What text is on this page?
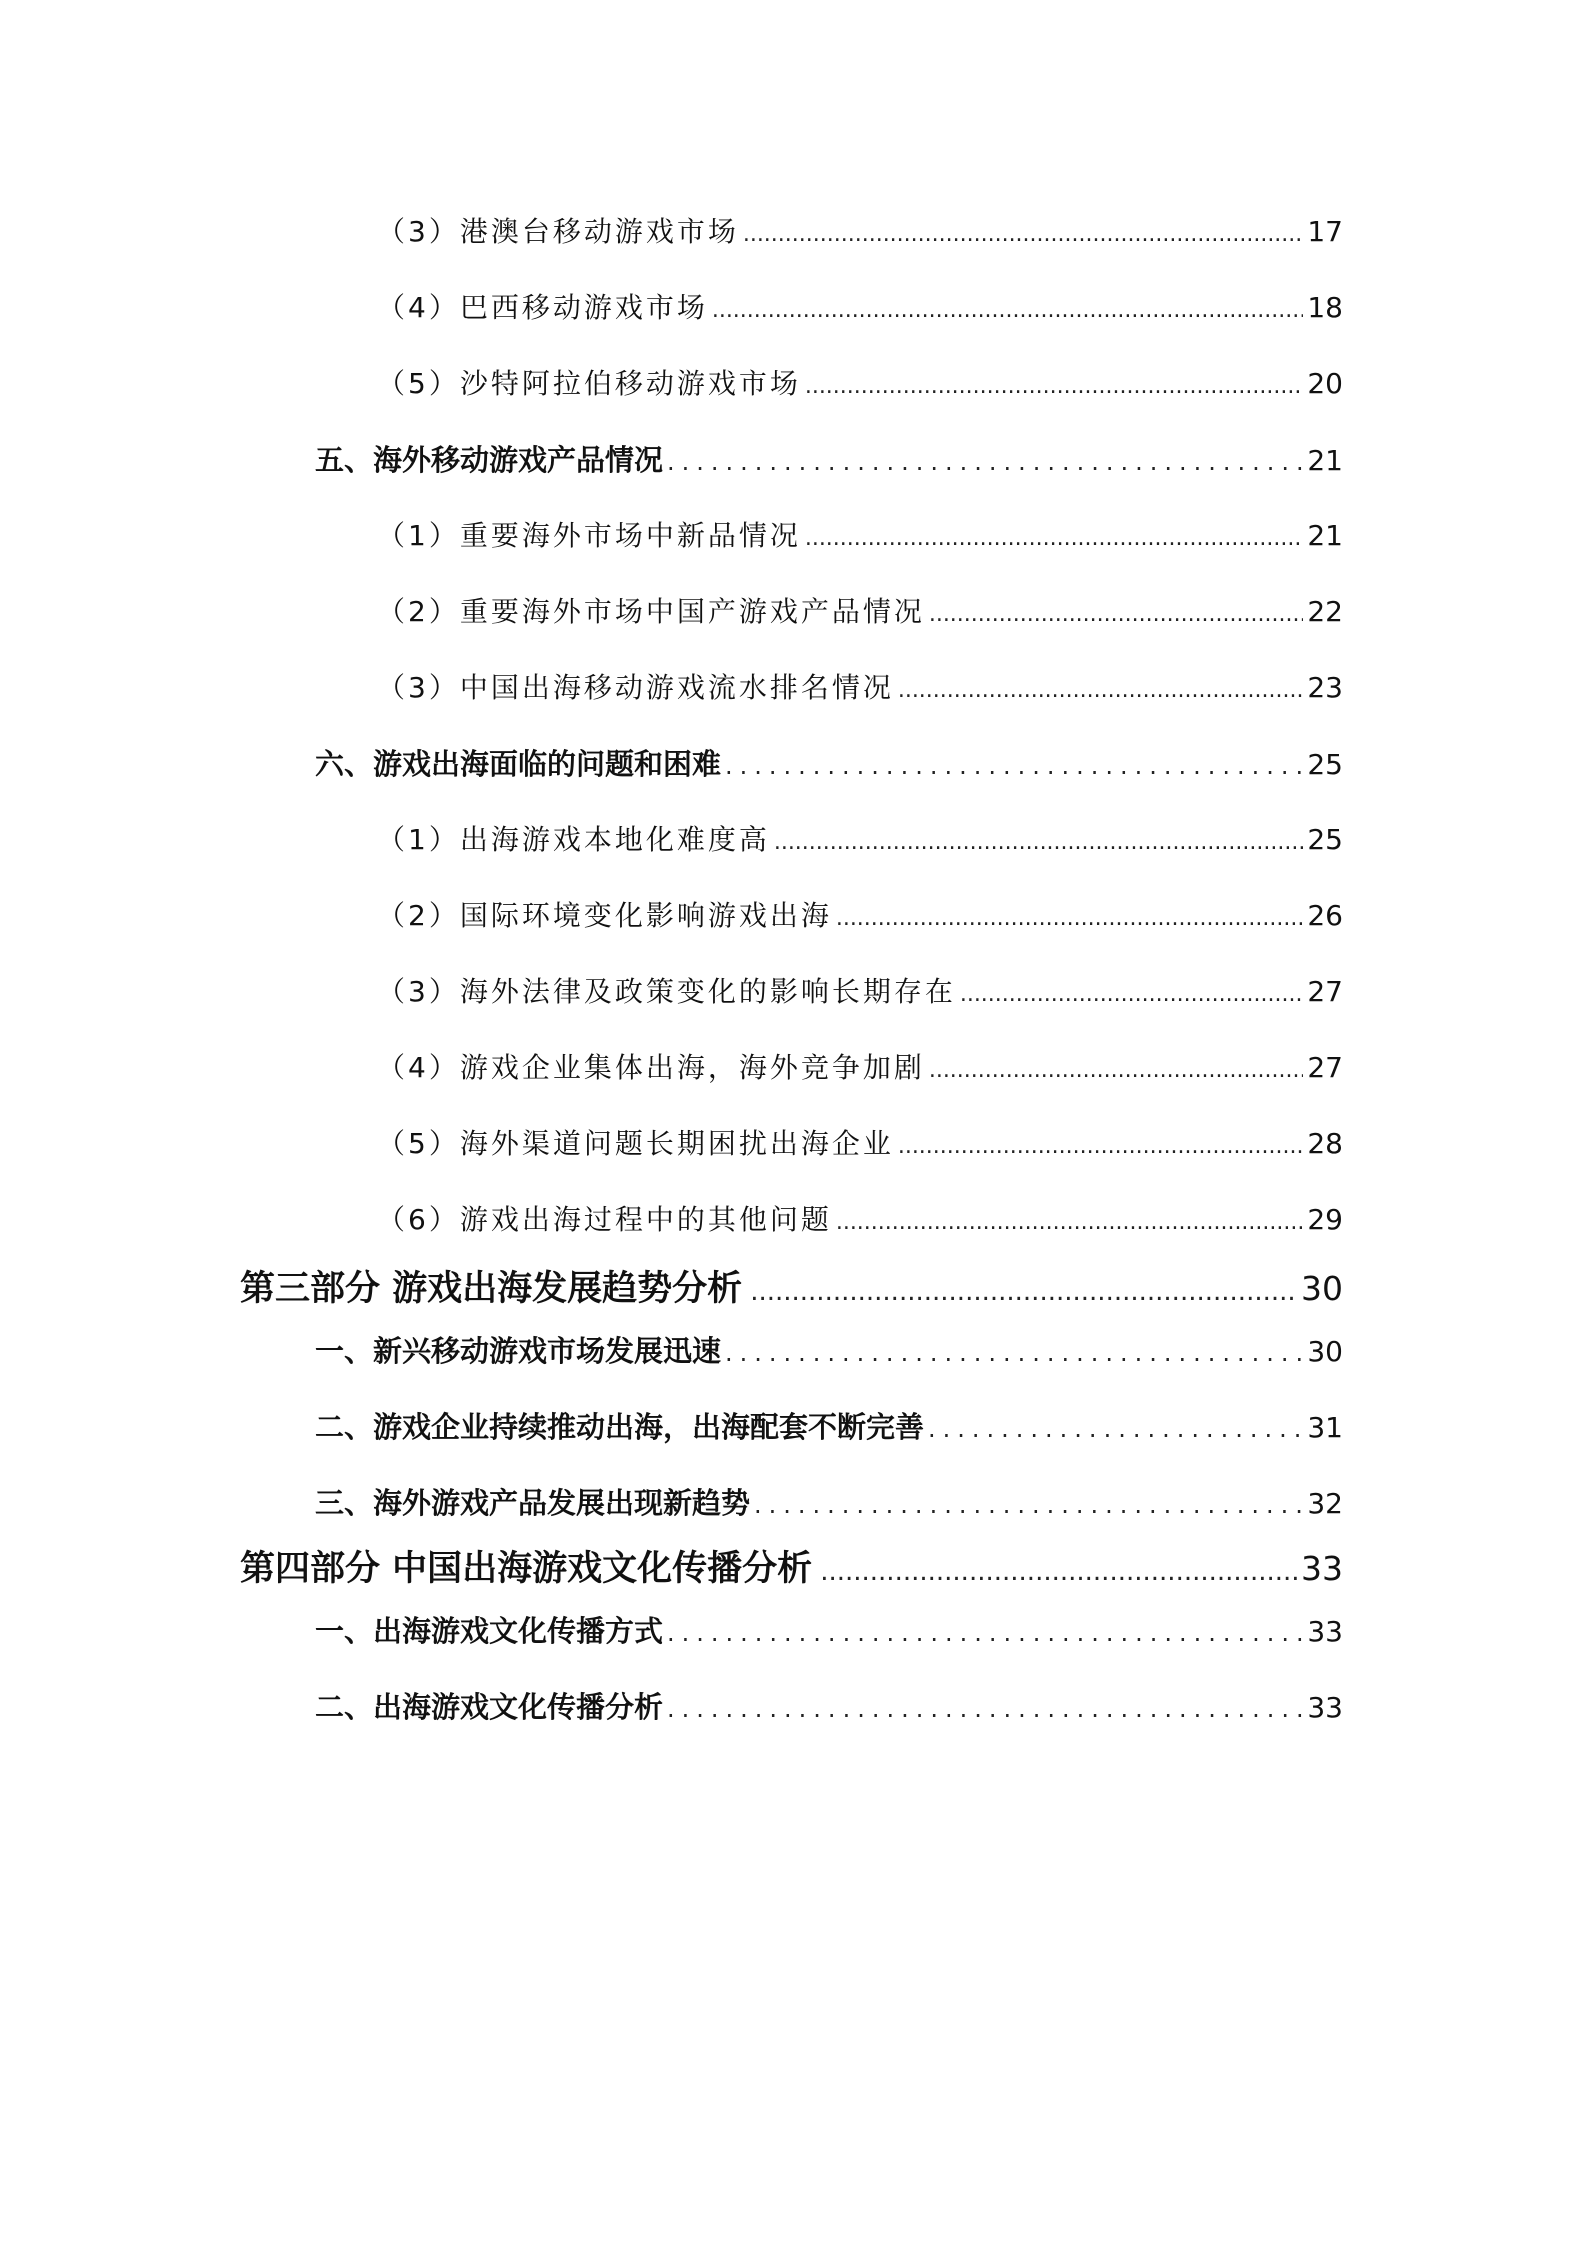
（3）港澳台移动游戏市场 .....	17
（4）巴西移动游戏市场 .....	18
（5）沙特阿拉伯移动游戏市场 .....	20
五、海外移动游戏产品情况 .....	21
（1）重要海外市场中新品情况 .....	21
（2）重要海外市场中国产游戏产品情况 .....	22
（3）中国出海移动游戏流水排名情况 .....	23
六、游戏出海面临的问题和困难 .....	25
（1）出海游戏本地化难度高 .....	25
（2）国际环境变化影响游戏出海 .....	26
（3）海外法律及政策变化的影响长期存在 .....	27
（4）游戏企业集体出海，海外竞争加剧 .....	27
（5）海外渠道问题长期困扰出海企业 .....	28
（6）游戏出海过程中的其他问题 .....	29
第三部分 游戏出海发展趋势分析 .....	30
一、新兴移动游戏市场发展迅速 .....	30
二、游戏企业持续推动出海，出海配套不断完善 .....	31
三、海外游戏产品发展出现新趋势 .....	32
第四部分 中国出海游戏文化传播分析 .....	33
一、出海游戏文化传播方式 .....	33
二、出海游戏文化传播分析 .....	33
